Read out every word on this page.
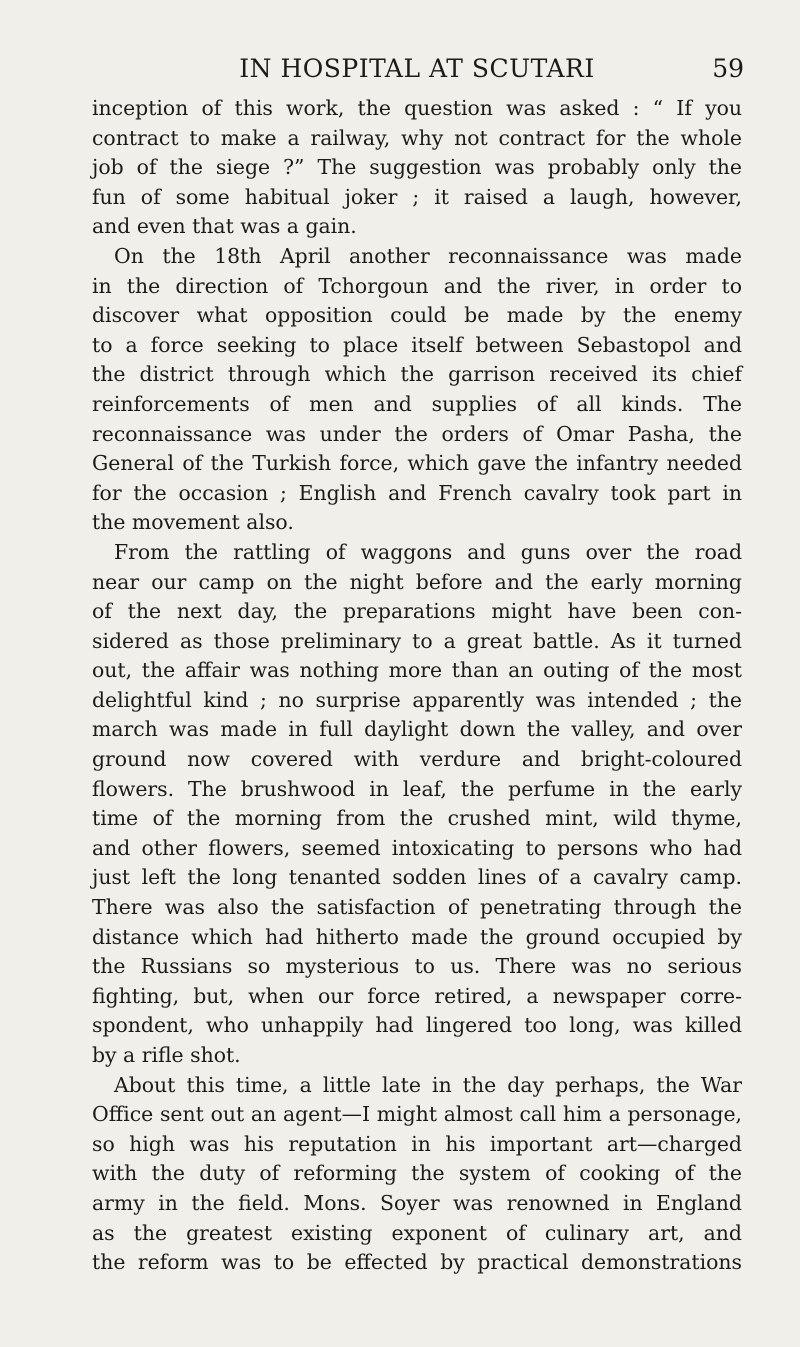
IN HOSPITAL AT SCUTARI	59
inception of this work, the question was asked : “ If you
contract to make a railway, why not contract for the whole
job of the siege ?” The suggestion was probably only the
fun of some habitual joker ; it raised a laugh, however,
and even that was a gain.
On the 18th April another reconnaissance was made
in the direction of Tchorgoun and the river, in order to
discover what opposition could be made by the enemy
to a force seeking to place itself between Sebastopol and
the district through which the garrison received its chief
reinforcements of men and supplies of all kinds. The
reconnaissance was under the orders of Omar Pasha, the
General of the Turkish force, which gave the infantry needed
for the occasion ; English and French cavalry took part in
the movement also.
From the rattling of waggons and guns over the road
near our camp on the night before and the early morning
of the next day, the preparations might have been con-
sidered as those preliminary to a great battle. As it turned
out, the affair was nothing more than an outing of the most
delightful kind ; no surprise apparently was intended ; the
march was made in full daylight down the valley, and over
ground now covered with verdure and bright-coloured
flowers. The brushwood in leaf, the perfume in the early
time of the morning from the crushed mint, wild thyme,
and other flowers, seemed intoxicating to persons who had
just left the long tenanted sodden lines of a cavalry camp.
There was also the satisfaction of penetrating through the
distance which had hitherto made the ground occupied by
the Russians so mysterious to us. There was no serious
fighting, but, when our force retired, a newspaper corre-
spondent, who unhappily had lingered too long, was killed
by a rifle shot.
About this time, a little late in the day perhaps, the War
Office sent out an agent—I might almost call him a personage,
so high was his reputation in his important art—charged
with the duty of reforming the system of cooking of the
army in the field. Mons. Soyer was renowned in England
as the greatest existing exponent of culinary art, and
the reform was to be effected by practical demonstrations
